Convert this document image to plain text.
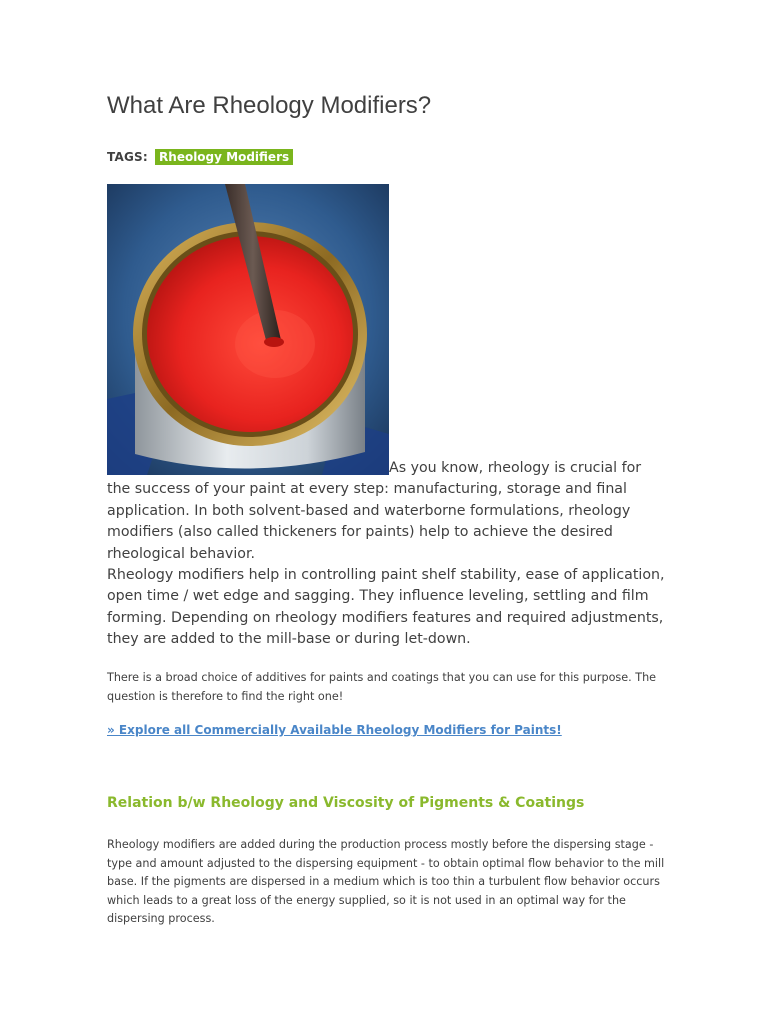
What Are Rheology Modifiers?
TAGS: Rheology Modifiers

As you know, rheology is crucial for the success of your paint at every step: manufacturing, storage and final application. In both solvent-based and waterborne formulations, rheology modifiers (also called thickeners for paints) help to achieve the desired rheological behavior.

Rheology modifiers help in controlling paint shelf stability, ease of application, open time / wet edge and sagging. They influence leveling, settling and film forming. Depending on rheology modifiers features and required adjustments, they are added to the mill-base or during let-down.

There is a broad choice of additives for paints and coatings that you can use for this purpose. The question is therefore to find the right one!

» Explore all Commercially Available Rheology Modifiers for Paints!
Relation b/w Rheology and Viscosity of Pigments & Coatings

Rheology modifiers are added during the production process mostly before the dispersing stage - type and amount adjusted to the dispersing equipment - to obtain optimal flow behavior to the mill base. If the pigments are dispersed in a medium which is too thin a turbulent flow behavior occurs which leads to a great loss of the energy supplied, so it is not used in an optimal way for the dispersing process.
